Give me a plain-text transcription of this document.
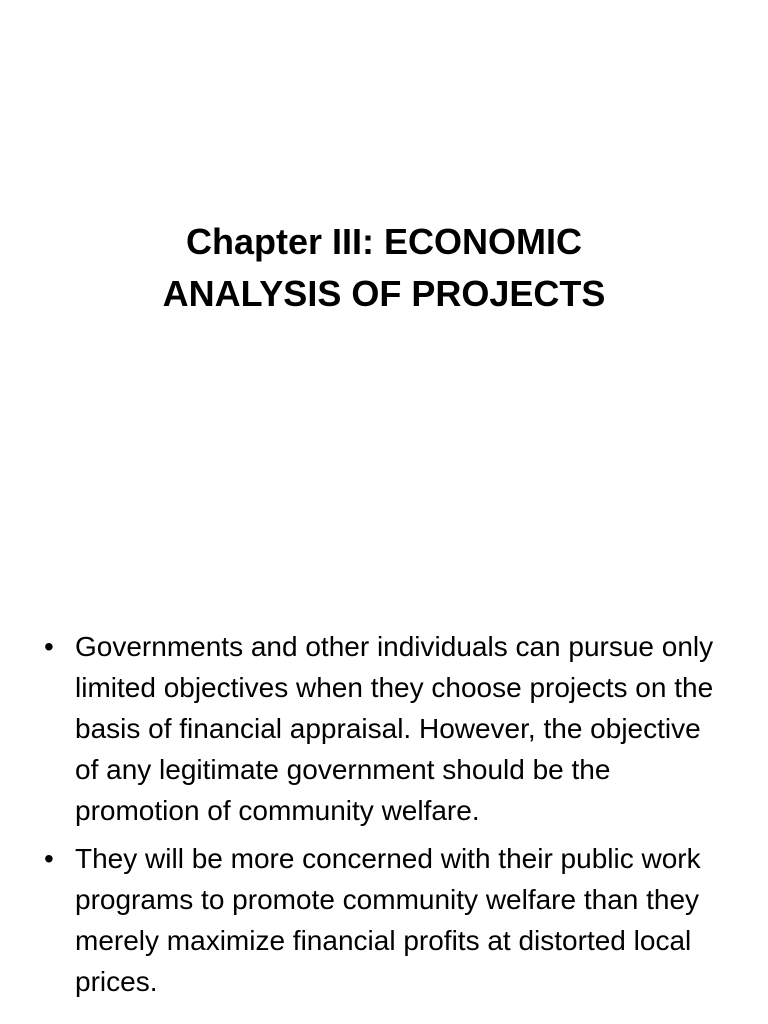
Chapter III: ECONOMIC
ANALYSIS OF PROJECTS
• Governments and other individuals can pursue only limited objectives when they choose projects on the basis of financial appraisal. However, the objective of any legitimate government should be the promotion of community welfare.
• They will be more concerned with their public work programs to promote community welfare than they merely maximize financial profits at distorted local prices.
